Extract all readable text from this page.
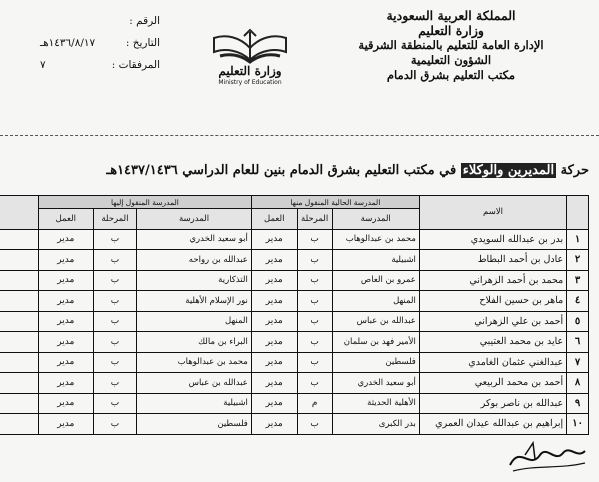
المملكة العربية السعودية
وزارة التعليم
الإدارة العامة للتعليم بالمنطقة الشرقية
الشؤون التعليمية
مكتب التعليم بشرق الدمام
وزارة التعليم
Ministry of Education
الرقم :
التاريخ :
١٤٣٦/٨/١٧هـ
المرفقات :
٧
حركة المديرين والوكلاء في مكتب التعليم بشرق الدمام بنين للعام الدراسي ١٤٣٧/١٤٣٦هـ
	الاسم	المدرسة الحالية المنقول منها			المدرسة المنقول إليها			
		المدرسة	المرحلة	العمل	المدرسة	المرحلة	العمل	
١	بدر بن عبدالله السويدي	محمد بن عبدالوهاب	ب	مدير	أبو سعيد الخدري	ب	مدير	
٢	عادل بن أحمد البطاط	اشبيلية	ب	مدير	عبدالله بن رواحه	ب	مدير	
٣	محمد بن أحمد الزهراني	عمرو بن العاص	ب	مدير	التذكارية	ب	مدير	
٤	ماهر بن حسين الفلاح	المنهل	ب	مدير	نور الإسلام الأهلية	ب	مدير	
٥	أحمد بن علي الزهراني	عبدالله بن عباس	ب	مدير	المنهل	ب	مدير	
٦	عايد بن محمد العتيبي	الأمير فهد بن سلمان	ب	مدير	البراء بن مالك	ب	مدير	
٧	عبدالغني عثمان الغامدي	فلسطين	ب	مدير	محمد بن عبدالوهاب	ب	مدير	
٨	أحمد بن محمد الربيعي	أبو سعيد الخدري	ب	مدير	عبدالله بن عباس	ب	مدير	
٩	عبدالله بن ناصر بوكر	الأهلية الحديثة	م	مدير	اشبيلية	ب	مدير	
١٠	إبراهيم بن عبدالله عيدان العمري	بدر الكبرى	ب	مدير	فلسطين	ب	مدير	
